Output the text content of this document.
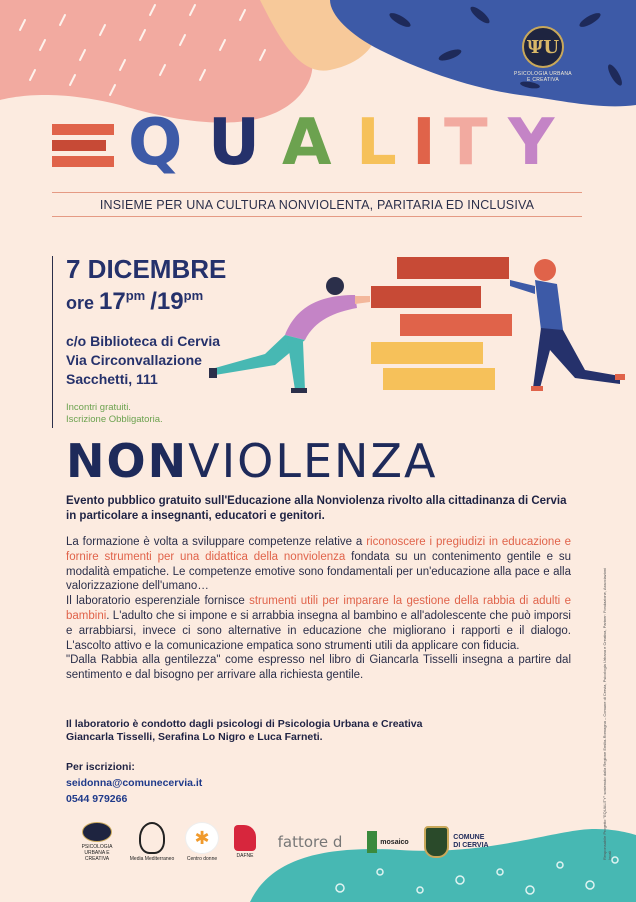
ΨU
PSICOLOGIA URBANA E CREATIVA
Q U A L I T Y
INSIEME PER UNA CULTURA NONVIOLENTA, PARITARIA ED INCLUSIVA
7 DICEMBRE
ore $17^{pm}$ $/19^{pm}$
c/o Biblioteca di Cervia
Via Circonvallazione
Sacchetti, 111
Incontri gratuiti.
Iscrizione Obbligatoria.
NONVIOLENZA
Evento pubblico gratuito sull'Educazione alla Nonviolenza rivolto alla cittadinanza di Cervia in particolare a insegnanti, educatori e genitori.
La formazione è volta a sviluppare competenze relative a riconoscere i pregiudizi in educazione e fornire strumenti per una didattica della nonviolenza fondata su un contenimento gentile e su modalità empatiche. Le competenze emotive sono fondamentali per un'educazione alla pace e alla valorizzazione dell'umano…
Il laboratorio esperenziale fornisce strumenti utili per imparare la gestione della rabbia di adulti e bambini. L'adulto che si impone e si arrabbia insegna al bambino e all'adolescente che può imporsi e arrabbiarsi, invece ci sono alternative in educazione che migliorano i rapporti e il dialogo. L'ascolto attivo e la comunicazione empatica sono strumenti utili da applicare con fiducia.
"Dalla Rabbia alla gentilezza" come espresso nel libro di Giancarla Tisselli insegna a partire dal sentimento e dal bisogno per arrivare alla richiesta gentile.
Il laboratorio è condotto dagli psicologi di Psicologia Urbana e Creativa
Giancarla Tisselli, Serafina Lo Nigro e Luca Farneti.
Per iscrizioni:
seidonna@comunecervia.it
0544 979266	Responsabile Progetto "EQUALITY" sostenuto dalla Regione Emilia-Romagna – Comune di Cervia, Psicologia Urbana e Creativa, Partner: Fondazione, Associazioni locali
PSICOLOGIA URBANA E CREATIVA	Media Mediterraneo
✱
Centro donne	DAFNE
fattore d	mosaico
COMUNE DI CERVIA
